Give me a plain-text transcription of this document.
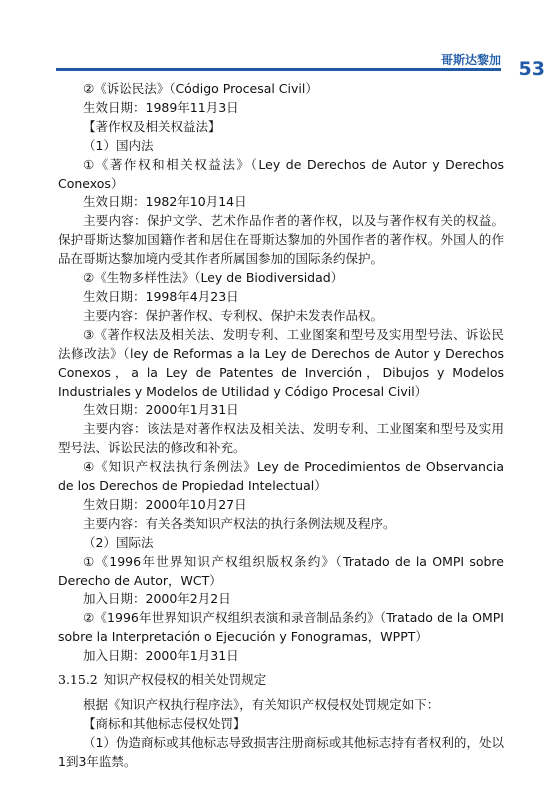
哥斯达黎加 53

②《诉讼民法》（Código Procesal Civil）

生效日期：1989年11月3日

【著作权及相关权益法】

（1）国内法

①《著作权和相关权益法》（Ley de Derechos de Autor y Derechos Conexos）

生效日期：1982年10月14日

主要内容：保护文学、艺术作品作者的著作权，以及与著作权有关的权益。保护哥斯达黎加国籍作者和居住在哥斯达黎加的外国作者的著作权。外国人的作品在哥斯达黎加境内受其作者所属国参加的国际条约保护。

②《生物多样性法》（Ley de Biodiversidad）

生效日期：1998年4月23日

主要内容：保护著作权、专利权、保护未发表作品权。

③《著作权法及相关法、发明专利、工业图案和型号及实用型号法、诉讼民法修改法》（ley de Reformas a la Ley de Derechos de Autor y Derechos Conexos，a la Ley de Patentes de Inverción，Dibujos y Modelos Industriales y Modelos de Utilidad y Código Procesal Civil）

生效日期：2000年1月31日

主要内容：该法是对著作权法及相关法、发明专利、工业图案和型号及实用型号法、诉讼民法的修改和补充。

④《知识产权法执行条例法》Ley de Procedimientos de Observancia de los Derechos de Propiedad Intelectual）

生效日期：2000年10月27日

主要内容：有关各类知识产权法的执行条例法规及程序。

（2）国际法

①《1996年世界知识产权组织版权条约》（Tratado de la OMPI sobre Derecho de Autor，WCT）

加入日期：2000年2月2日

②《1996年世界知识产权组织表演和录音制品条约》（Tratado de la OMPI sobre la Interpretación o Ejecución y Fonogramas，WPPT）

加入日期：2000年1月31日

3.15.2 知识产权侵权的相关处罚规定

根据《知识产权执行程序法》，有关知识产权侵权处罚规定如下：

【商标和其他标志侵权处罚】

（1）伪造商标或其他标志导致损害注册商标或其他标志持有者权利的，处以1到3年监禁。
